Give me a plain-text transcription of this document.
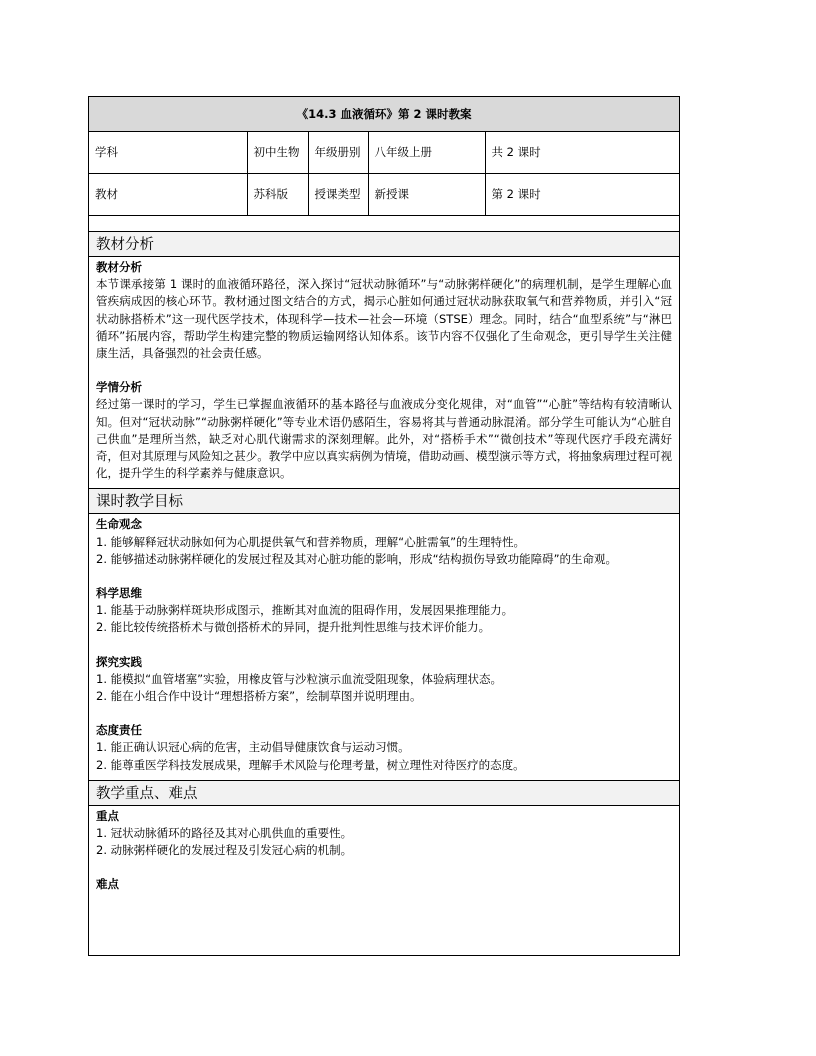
《14.3 血液循环》第 2 课时教案				
学科	初中生物	年级册别	八年级上册	共 2 课时
教材	苏科版	授课类型	新授课	第 2 课时
教材分析
教材分析
本节课承接第 1 课时的血液循环路径，深入探讨“冠状动脉循环”与“动脉粥样硬化”的病理机制，是学生理解心血管疾病成因的核心环节。教材通过图文结合的方式，揭示心脏如何通过冠状动脉获取氧气和营养物质，并引入“冠状动脉搭桥术”这一现代医学技术，体现科学—技术—社会—环境（STSE）理念。同时，结合“血型系统”与“淋巴循环”拓展内容，帮助学生构建完整的物质运输网络认知体系。该节内容不仅强化了生命观念，更引导学生关注健康生活，具备强烈的社会责任感。
学情分析
经过第一课时的学习，学生已掌握血液循环的基本路径与血液成分变化规律，对“血管”“心脏”等结构有较清晰认知。但对“冠状动脉”“动脉粥样硬化”等专业术语仍感陌生，容易将其与普通动脉混淆。部分学生可能认为“心脏自己供血”是理所当然，缺乏对心肌代谢需求的深刻理解。此外，对“搭桥手术”“微创技术”等现代医疗手段充满好奇，但对其原理与风险知之甚少。教学中应以真实病例为情境，借助动画、模型演示等方式，将抽象病理过程可视化，提升学生的科学素养与健康意识。
课时教学目标
生命观念
1. 能够解释冠状动脉如何为心肌提供氧气和营养物质，理解“心脏需氧”的生理特性。
2. 能够描述动脉粥样硬化的发展过程及其对心脏功能的影响，形成“结构损伤导致功能障碍”的生命观。
科学思维
1. 能基于动脉粥样斑块形成图示，推断其对血流的阻碍作用，发展因果推理能力。
2. 能比较传统搭桥术与微创搭桥术的异同，提升批判性思维与技术评价能力。
探究实践
1. 能模拟“血管堵塞”实验，用橡皮管与沙粒演示血流受阻现象，体验病理状态。
2. 能在小组合作中设计“理想搭桥方案”，绘制草图并说明理由。
态度责任
1. 能正确认识冠心病的危害，主动倡导健康饮食与运动习惯。
2. 能尊重医学科技发展成果，理解手术风险与伦理考量，树立理性对待医疗的态度。
教学重点、难点
重点
1. 冠状动脉循环的路径及其对心肌供血的重要性。
2. 动脉粥样硬化的发展过程及引发冠心病的机制。
难点
